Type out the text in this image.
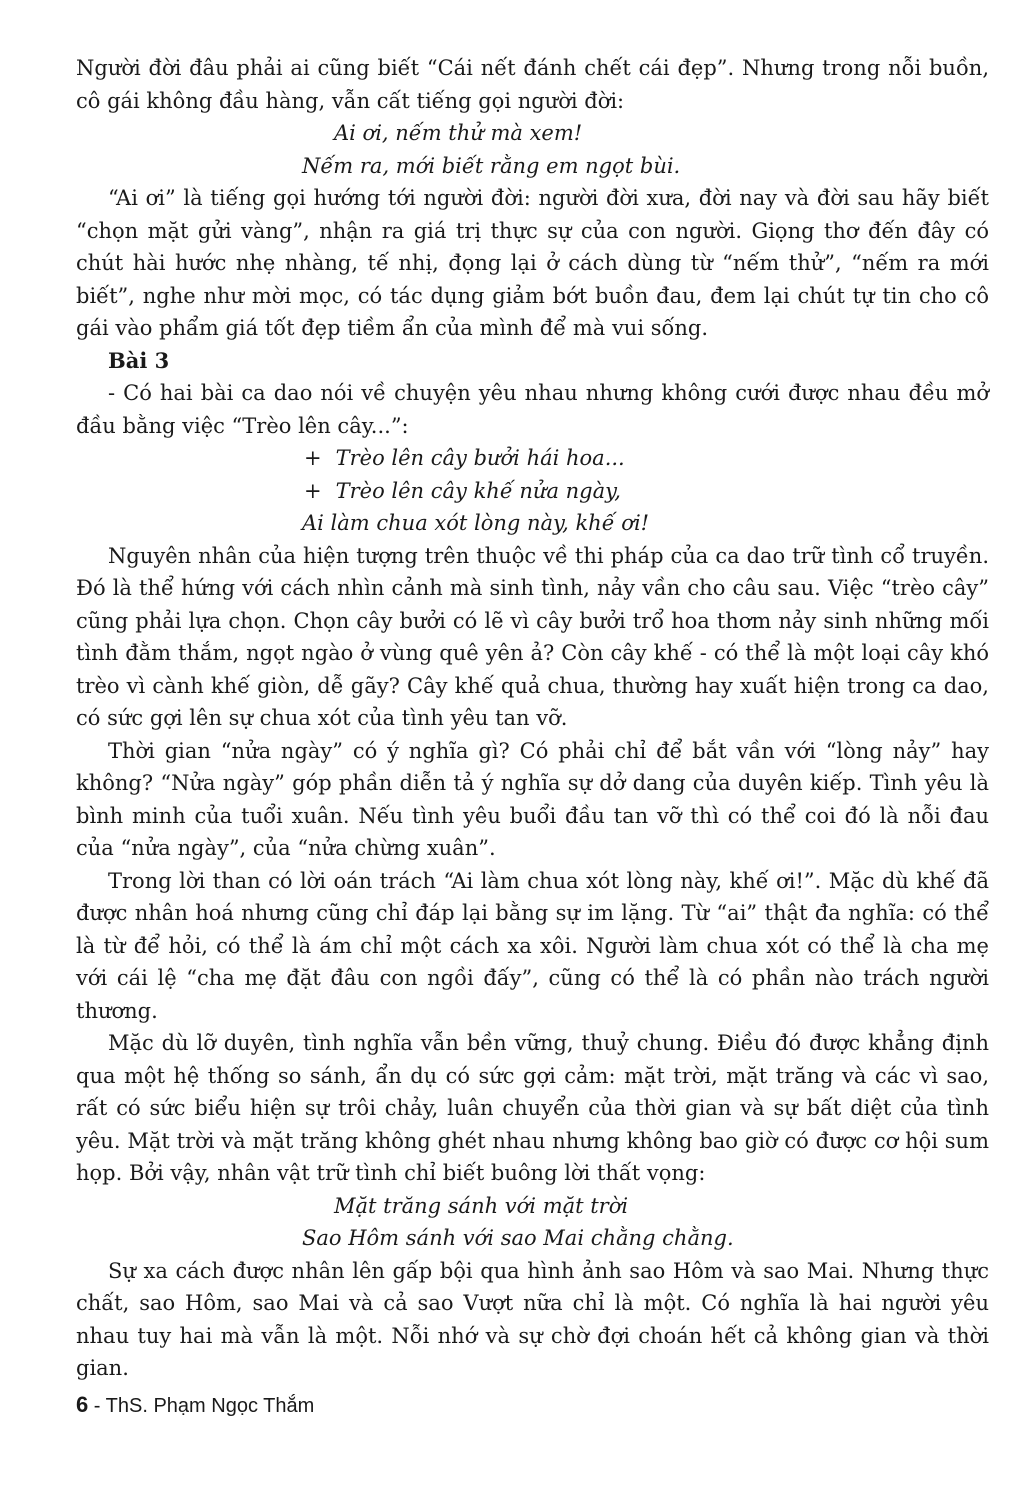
Người đời đâu phải ai cũng biết “Cái nết đánh chết cái đẹp”. Nhưng trong nỗi buồn, cô gái không đầu hàng, vẫn cất tiếng gọi người đời:

Ai ơi, nếm thử mà xem!

Nếm ra, mới biết rằng em ngọt bùi.

“Ai ơi” là tiếng gọi hướng tới người đời: người đời xưa, đời nay và đời sau hãy biết “chọn mặt gửi vàng”, nhận ra giá trị thực sự của con người. Giọng thơ đến đây có chút hài hước nhẹ nhàng, tế nhị, đọng lại ở cách dùng từ “nếm thử”, “nếm ra mới biết”, nghe như mời mọc, có tác dụng giảm bớt buồn đau, đem lại chút tự tin cho cô gái vào phẩm giá tốt đẹp tiềm ẩn của mình để mà vui sống.

Bài 3

- Có hai bài ca dao nói về chuyện yêu nhau nhưng không cưới được nhau đều mở đầu bằng việc “Trèo lên cây...”:

+ Trèo lên cây bưởi hái hoa...

+ Trèo lên cây khế nửa ngày,

Ai làm chua xót lòng này, khế ơi!

Nguyên nhân của hiện tượng trên thuộc về thi pháp của ca dao trữ tình cổ truyền. Đó là thể hứng với cách nhìn cảnh mà sinh tình, nảy vần cho câu sau. Việc “trèo cây” cũng phải lựa chọn. Chọn cây bưởi có lẽ vì cây bưởi trổ hoa thơm nảy sinh những mối tình đằm thắm, ngọt ngào ở vùng quê yên ả? Còn cây khế - có thể là một loại cây khó trèo vì cành khế giòn, dễ gãy? Cây khế quả chua, thường hay xuất hiện trong ca dao, có sức gợi lên sự chua xót của tình yêu tan vỡ.

Thời gian “nửa ngày” có ý nghĩa gì? Có phải chỉ để bắt vần với “lòng nảy” hay không? “Nửa ngày” góp phần diễn tả ý nghĩa sự dở dang của duyên kiếp. Tình yêu là bình minh của tuổi xuân. Nếu tình yêu buổi đầu tan vỡ thì có thể coi đó là nỗi đau của “nửa ngày”, của “nửa chừng xuân”.

Trong lời than có lời oán trách “Ai làm chua xót lòng này, khế ơi!”. Mặc dù khế đã được nhân hoá nhưng cũng chỉ đáp lại bằng sự im lặng. Từ “ai” thật đa nghĩa: có thể là từ để hỏi, có thể là ám chỉ một cách xa xôi. Người làm chua xót có thể là cha mẹ với cái lệ “cha mẹ đặt đâu con ngồi đấy”, cũng có thể là có phần nào trách người thương.

Mặc dù lỡ duyên, tình nghĩa vẫn bền vững, thuỷ chung. Điều đó được khẳng định qua một hệ thống so sánh, ẩn dụ có sức gợi cảm: mặt trời, mặt trăng và các vì sao, rất có sức biểu hiện sự trôi chảy, luân chuyển của thời gian và sự bất diệt của tình yêu. Mặt trời và mặt trăng không ghét nhau nhưng không bao giờ có được cơ hội sum họp. Bởi vậy, nhân vật trữ tình chỉ biết buông lời thất vọng:

Mặt trăng sánh với mặt trời

Sao Hôm sánh với sao Mai chằng chằng.

Sự xa cách được nhân lên gấp bội qua hình ảnh sao Hôm và sao Mai. Nhưng thực chất, sao Hôm, sao Mai và cả sao Vượt nữa chỉ là một. Có nghĩa là hai người yêu nhau tuy hai mà vẫn là một. Nỗi nhớ và sự chờ đợi choán hết cả không gian và thời gian.

6 - ThS. Phạm Ngọc Thắm
